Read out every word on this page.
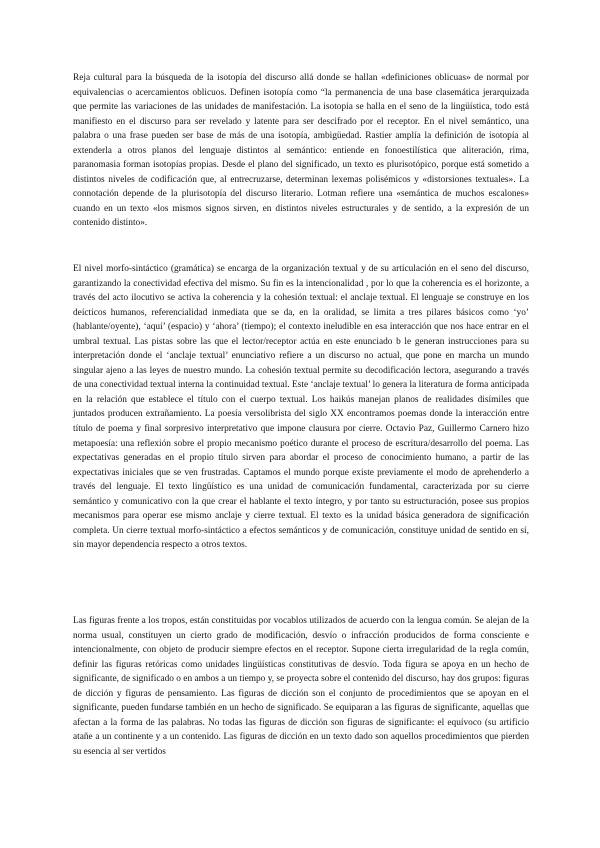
Reja cultural para la búsqueda de la isotopía del discurso allá donde se hallan «definiciones oblicuas» de normal por equivalencias o acercamientos oblicuos. Definen isotopía como “la permanencia de una base clasemática jerarquizada que permite las variaciones de las unidades de manifestación. La isotopía se halla en el seno de la lingüística, todo está manifiesto en el discurso para ser revelado y latente para ser descifrado por el receptor. En el nivel semántico, una palabra o una frase pueden ser base de más de una isotopía, ambigüedad. Rastier amplía la definición de isotopía al extenderla a otros planos del lenguaje distintos al semántico: entiende en fonoestilística que aliteración, rima, paranomasia forman isotopías propias. Desde el plano del significado, un texto es plurisotópico, porque está sometido a distintos niveles de codificación que, al entrecruzarse, determinan lexemas polisémicos y «distorsiones textuales». La connotación depende de la plurisotopía del discurso literario. Lotman refiere una «semántica de muchos escalones» cuando en un texto «los mismos signos sirven, en distintos niveles estructurales y de sentido, a la expresión de un contenido distinto».

El nivel morfo-sintáctico (gramática) se encarga de la organización textual y de su articulación en el seno del discurso, garantizando la conectividad efectiva del mismo. Su fin es la intencionalidad , por lo que la coherencia es el horizonte, a través del acto ilocutivo se activa la coherencia y la cohesión textual: el anclaje textual. El lenguaje se construye en los deícticos humanos, referencialidad inmediata que se da, en la oralidad, se limita a tres pilares básicos como ‘yo’ (hablante/oyente), ‘aquí’ (espacio) y ‘ahora’ (tiempo); el contexto ineludible en esa interacción que nos hace entrar en el umbral textual. Las pistas sobre las que el lector/receptor actúa en este enunciado b le generan instrucciones para su interpretación donde el ‘anclaje textual’ enunciativo refiere a un discurso no actual, que pone en marcha un mundo singular ajeno a las leyes de nuestro mundo. La cohesión textual permite su decodificación lectora, asegurando a través de una conectividad textual interna la continuidad textual. Este ‘anclaje textual’ lo genera la literatura de forma anticipada en la relación que establece el título con el cuerpo textual. Los haikús manejan planos de realidades disímiles que juntados producen extrañamiento. La poesía versolibrista del siglo XX encontramos poemas donde la interacción entre título de poema y final sorpresivo interpretativo que impone clausura por cierre. Octavio Paz, Guillermo Carnero hizo metapoesía: una reflexión sobre el propio mecanismo poético durante el proceso de escritura/desarrollo del poema. Las expectativas generadas en el propio título sirven para abordar el proceso de conocimiento humano, a partir de las expectativas iniciales que se ven frustradas. Captamos el mundo porque existe previamente el modo de aprehenderlo a través del lenguaje. El texto lingüístico es una unidad de comunicación fundamental, caracterizada por su cierre semántico y comunicativo con la que crear el hablante el texto íntegro, y por tanto su estructuración, posee sus propios mecanismos para operar ese mismo anclaje y cierre textual. El texto es la unidad básica generadora de significación completa. Un cierre textual morfo-sintáctico a efectos semánticos y de comunicación, constituye unidad de sentido en sí, sin mayor dependencia respecto a otros textos.

Las figuras frente a los tropos, están constituidas por vocablos utilizados de acuerdo con la lengua común. Se alejan de la norma usual, constituyen un cierto grado de modificación, desvío o infracción producidos de forma consciente e intencionalmente, con objeto de producir siempre efectos en el receptor. Supone cierta irregularidad de la regla común, definir las figuras retóricas como unidades lingüísticas constitutivas de desvío. Toda figura se apoya en un hecho de significante, de significado o en ambos a un tiempo y, se proyecta sobre el contenido del discurso, hay dos grupos: figuras de dicción y figuras de pensamiento. Las figuras de dicción son el conjunto de procedimientos que se apoyan en el significante, pueden fundarse también en un hecho de significado. Se equiparan a las figuras de significante, aquellas que afectan a la forma de las palabras. No todas las figuras de dicción son figuras de significante: el equívoco (su artificio atañe a un continente y a un contenido. Las figuras de dicción en un texto dado son aquellos procedimientos que pierden su esencia al ser vertidos
